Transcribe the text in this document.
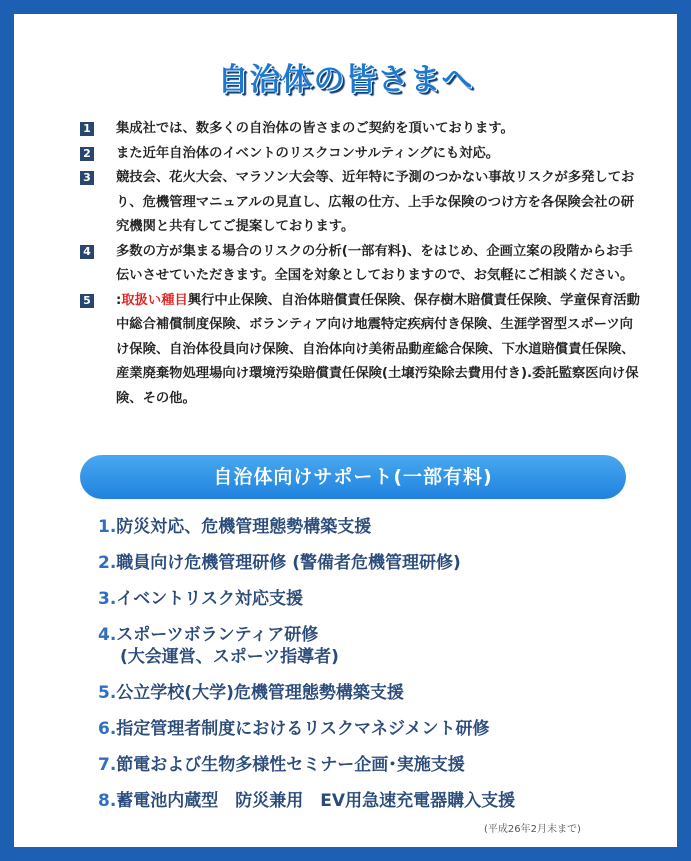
自治体の皆さまへ
1 集成社では、数多くの自治体の皆さまのご契約を頂いております。
2 また近年自治体のイベントのリスクコンサルティングにも対応。
3 競技会、花火大会、マラソン大会等、近年特に予測のつかない事故リスクが多発しており、危機管理マニュアルの見直し、広報の仕方、上手な保険のつけ方を各保険会社の研究機関と共有してご提案しております。
4 多数の方が集まる場合のリスクの分析(一部有料)、をはじめ、企画立案の段階からお手伝いさせていただきます。全国を対象としておりますので、お気軽にご相談ください。
5 :取扱い種目興行中止保険、自治体賠償責任保険、保存樹木賠償責任保険、学童保育活動中総合補償制度保険、ボランティア向け地震特定疾病付き保険、生涯学習型スポーツ向け保険、自治体役員向け保険、自治体向け美術品動産総合保険、下水道賠償責任保険、産業廃棄物処理場向け環境汚染賠償責任保険(土壌汚染除去費用付き).委託監察医向け保険、その他。
自治体向けサポート(一部有料)
1.防災対応、危機管理態勢構築支援
2.職員向け危機管理研修 (警備者危機管理研修)
3.イベントリスク対応支援
4.スポーツボランティア研修
(大会運営、スポーツ指導者)
5.公立学校(大学)危機管理態勢構築支援
6.指定管理者制度におけるリスクマネジメント研修
7.節電および生物多様性セミナー企画･実施支援
8.蓄電池内蔵型　防災兼用　EV用急速充電器購入支援
(平成26年2月末まで)
